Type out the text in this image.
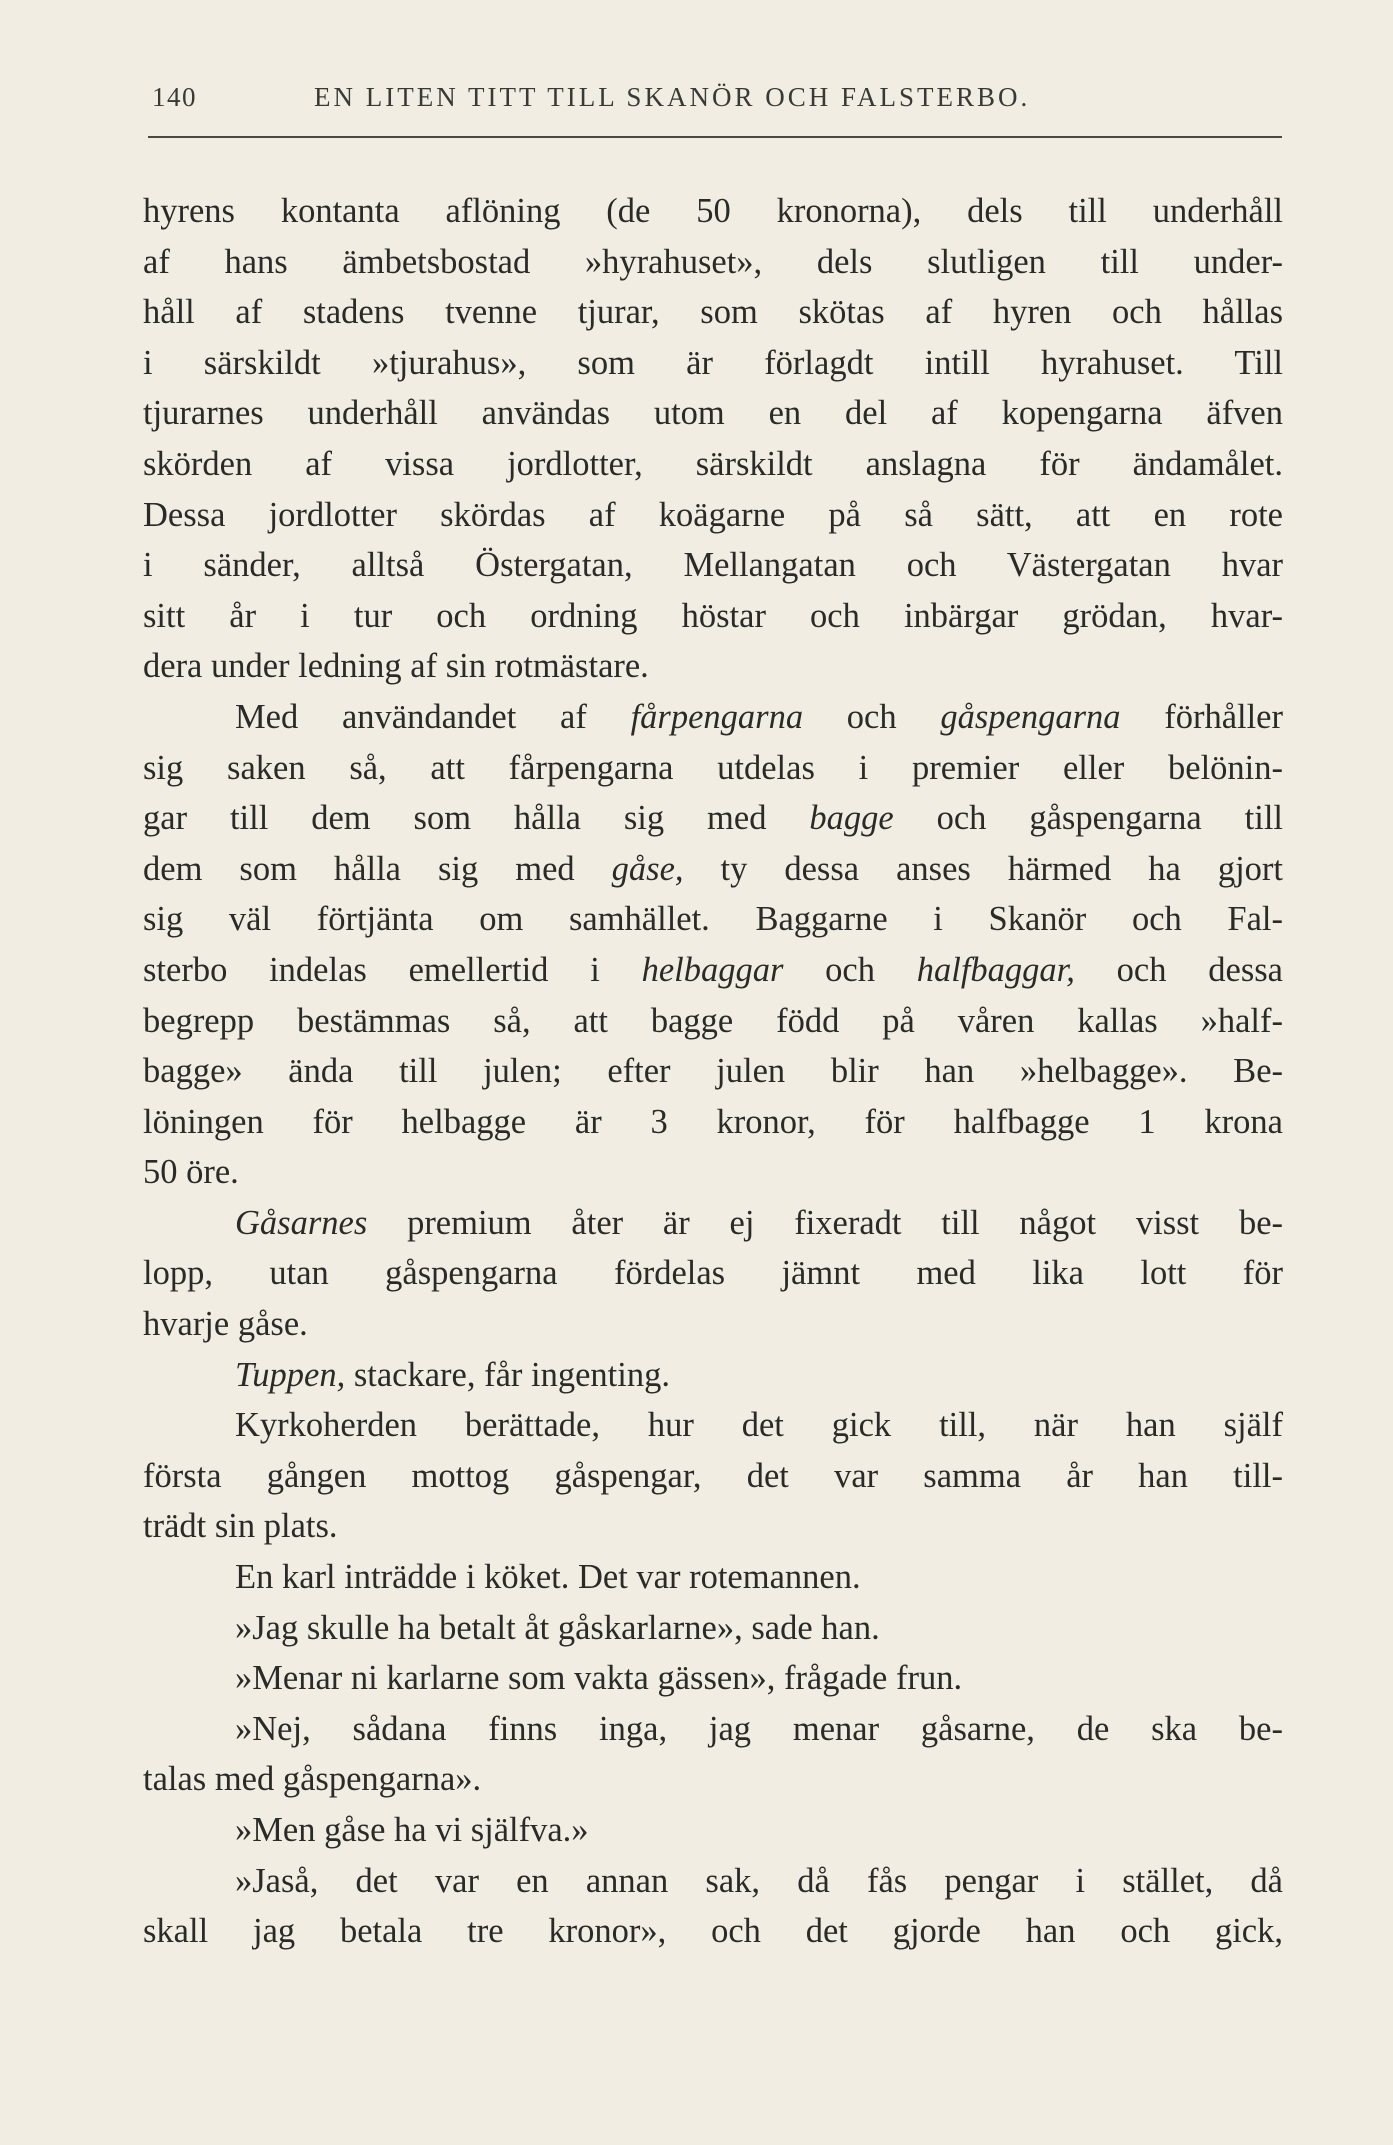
140	EN LITEN TITT TILL SKANÖR OCH FALSTERBO.
hyrens kontanta aflöning (de 50 kronorna), dels till underhåll
af hans ämbetsbostad »hyrahuset», dels slutligen till under-
håll af stadens tvenne tjurar, som skötas af hyren och hållas
i särskildt »tjurahus», som är förlagdt intill hyrahuset. Till
tjurarnes underhåll användas utom en del af kopengarna äfven
skörden af vissa jordlotter, särskildt anslagna för ändamålet.
Dessa jordlotter skördas af koägarne på så sätt, att en rote
i sänder, alltså Östergatan, Mellangatan och Västergatan hvar
sitt år i tur och ordning höstar och inbärgar grödan, hvar-
dera under ledning af sin rotmästare.
Med användandet af fårpengarna och gåspengarna förhåller
sig saken så, att fårpengarna utdelas i premier eller belönin-
gar till dem som hålla sig med bagge och gåspengarna till
dem som hålla sig med gåse, ty dessa anses härmed ha gjort
sig väl förtjänta om samhället. Baggarne i Skanör och Fal-
sterbo indelas emellertid i helbaggar och halfbaggar, och dessa
begrepp bestämmas så, att bagge född på våren kallas »half-
bagge» ända till julen; efter julen blir han »helbagge». Be-
löningen för helbagge är 3 kronor, för halfbagge 1 krona
50 öre.
Gåsarnes premium åter är ej fixeradt till något visst be-
lopp, utan gåspengarna fördelas jämnt med lika lott för
hvarje gåse.
Tuppen, stackare, får ingenting.
Kyrkoherden berättade, hur det gick till, när han själf
första gången mottog gåspengar, det var samma år han till-
trädt sin plats.
En karl inträdde i köket. Det var rotemannen.
»Jag skulle ha betalt åt gåskarlarne», sade han.
»Menar ni karlarne som vakta gässen», frågade frun.
»Nej, sådana finns inga, jag menar gåsarne, de ska be-
talas med gåspengarna».
»Men gåse ha vi själfva.»
»Jaså, det var en annan sak, då fås pengar i stället, då
skall jag betala tre kronor», och det gjorde han och gick,
